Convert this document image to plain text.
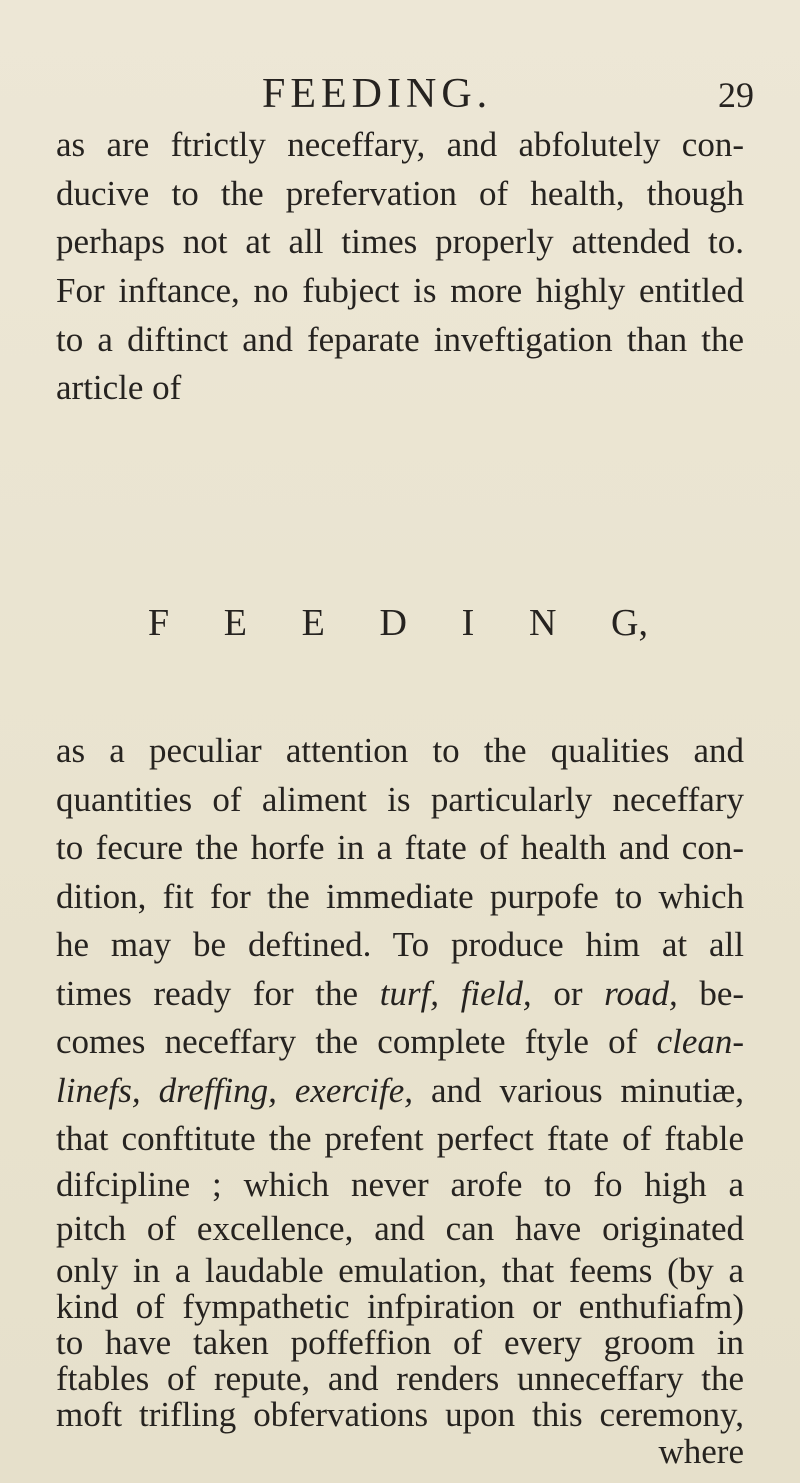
FEEDING.	29
as are ftrictly neceffary, and abfolutely con-
ducive to the prefervation of health, though
perhaps not at all times properly attended to.
For inftance, no fubject is more highly entitled
to a diftinct and feparate inveftigation than the
article of
F E E D I N G,
as a peculiar attention to the qualities and
quantities of aliment is particularly neceffary
to fecure the horfe in a ftate of health and con-
dition, fit for the immediate purpofe to which
he may be deftined. To produce him at all
times ready for the turf, field, or road, be-
comes neceffary the complete ftyle of clean-
linefs, dreffing, exercife, and various minutiæ,
that conftitute the prefent perfect ftate of ftable
difcipline ; which never arofe to fo high a
pitch of excellence, and can have originated
only in a laudable emulation, that feems (by a
kind of fympathetic infpiration or enthufiafm)
to have taken poffeffion of every groom in
ftables of repute, and renders unneceffary the
moft trifling obfervations upon this ceremony,
where
